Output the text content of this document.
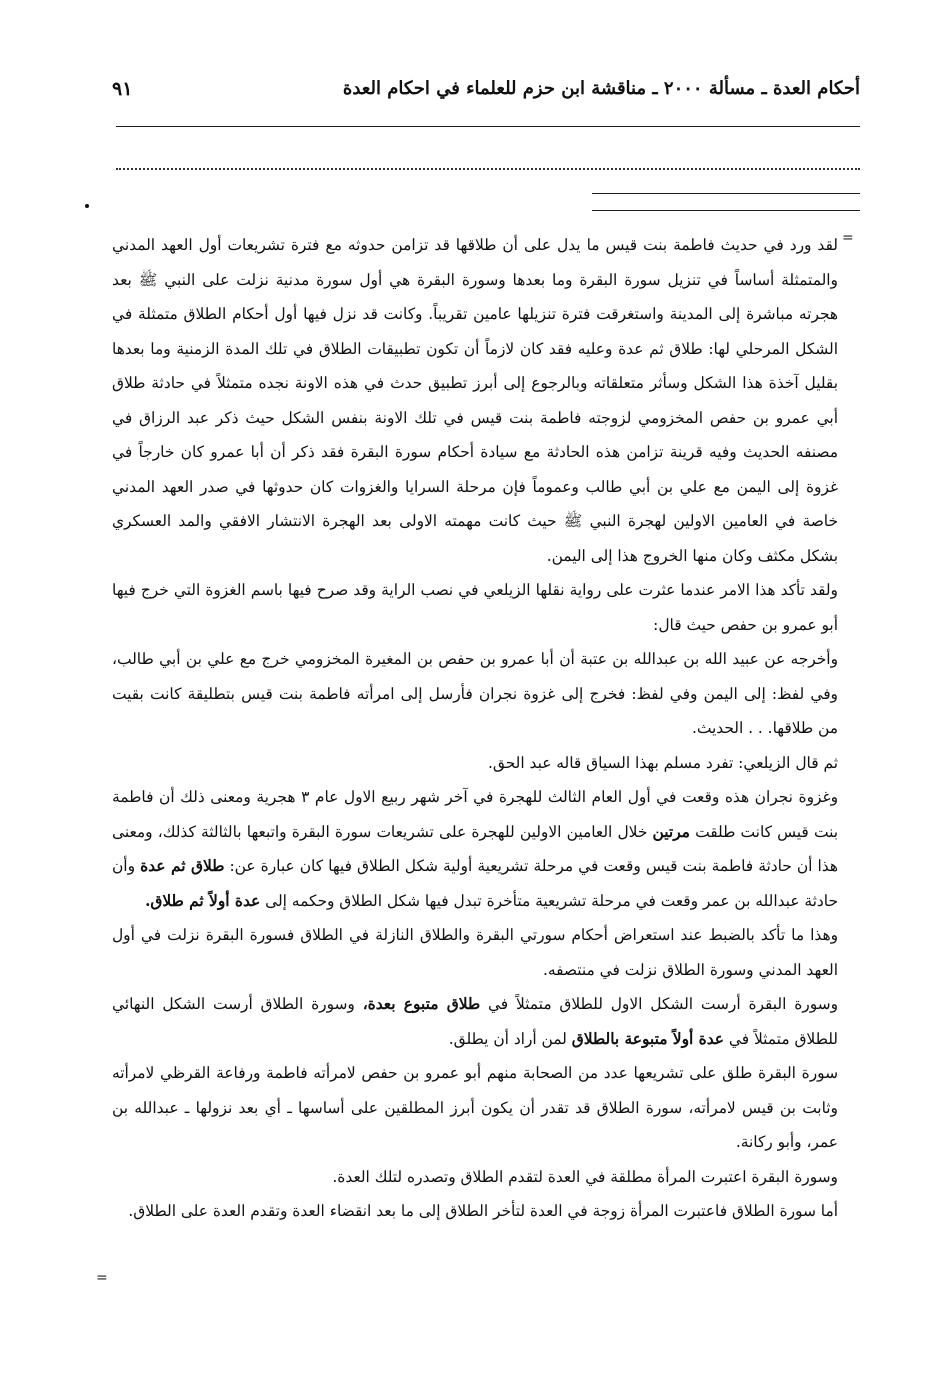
أحكام العدة ـ مسألة ٢٠٠٠ ـ مناقشة ابن حزم للعلماء في احكام العدة
٩١
=
=

لقد ورد في حديث فاطمة بنت قيس ما يدل على أن طلاقها قد تزامن حدوثه مع فترة تشريعات أول العهد المدني والمتمثلة أساساً في تنزيل سورة البقرة وما بعدها وسورة البقرة هي أول سورة مدنية نزلت على النبي ﷺ بعد هجرته مباشرة إلى المدينة واستغرقت فترة تنزيلها عامين تقريباً. وكانت قد نزل فيها أول أحكام الطلاق متمثلة في الشكل المرحلي لها: طلاق ثم عدة وعليه فقد كان لازماً أن تكون تطبيقات الطلاق في تلك المدة الزمنية وما بعدها بقليل آخذة هذا الشكل وسأثر متعلقاته وبالرجوع إلى أبرز تطبيق حدث في هذه الاونة نجده متمثلاً في حادثة طلاق أبي عمرو بن حفص المخزومي لزوجته فاطمة بنت قيس في تلك الاونة بنفس الشكل حيث ذكر عبد الرزاق في مصنفه الحديث وفيه قرينة تزامن هذه الحادثة مع سيادة أحكام سورة البقرة فقد ذكر أن أبا عمرو كان خارجاً في غزوة إلى اليمن مع علي بن أبي طالب وعموماً فإن مرحلة السرايا والغزوات كان حدوثها في صدر العهد المدني خاصة في العامين الاولين لهجرة النبي ﷺ حيث كانت مهمته الاولى بعد الهجرة الانتشار الافقي والمد العسكري بشكل مكثف وكان منها الخروج هذا إلى اليمن.

ولقد تأكد هذا الامر عندما عثرت على رواية نقلها الزيلعي في نصب الراية وقد صرح فيها باسم الغزوة التي خرج فيها أبو عمرو بن حفص حيث قال:

وأخرجه عن عبيد الله بن عبدالله بن عتبة أن أبا عمرو بن حفص بن المغيرة المخزومي خرج مع علي بن أبي طالب، وفي لفظ: إلى اليمن وفي لفظ: فخرج إلى غزوة نجران فأرسل إلى امرأته فاطمة بنت قيس بتطليقة كانت بقيت من طلاقها. . . الحديث.

ثم قال الزيلعي: تفرد مسلم بهذا السياق قاله عبد الحق.

وغزوة نجران هذه وقعت في أول العام الثالث للهجرة في آخر شهر ربيع الاول عام ٣ هجرية ومعنى ذلك أن فاطمة بنت قيس كانت طلقت مرتين خلال العامين الاولين للهجرة على تشريعات سورة البقرة واتبعها بالثالثة كذلك، ومعنى هذا أن حادثة فاطمة بنت قيس وقعت في مرحلة تشريعية أولية شكل الطلاق فيها كان عبارة عن: طلاق ثم عدة وأن حادثة عبدالله بن عمر وقعت في مرحلة تشريعية متأخرة تبدل فيها شكل الطلاق وحكمه إلى عدة أولاً ثم طلاق.

وهذا ما تأكد بالضبط عند استعراض أحكام سورتي البقرة والطلاق النازلة في الطلاق فسورة البقرة نزلت في أول العهد المدني وسورة الطلاق نزلت في منتصفه.

وسورة البقرة أرست الشكل الاول للطلاق متمثلاً في طلاق متبوع بعدة، وسورة الطلاق أرست الشكل النهائي للطلاق متمثلاً في عدة أولاً متبوعة بالطلاق لمن أراد أن يطلق.

سورة البقرة طلق على تشريعها عدد من الصحابة منهم أبو عمرو بن حفص لامرأته فاطمة ورفاعة القرظي لامرأته وثابت بن قيس لامرأته، سورة الطلاق قد تقدر أن يكون أبرز المطلقين على أساسها ـ أي بعد نزولها ـ عبدالله بن عمر، وأبو ركانة.

وسورة البقرة اعتبرت المرأة مطلقة في العدة لتقدم الطلاق وتصدره لتلك العدة.

أما سورة الطلاق فاعتبرت المرأة زوجة في العدة لتأخر الطلاق إلى ما بعد انقضاء العدة وتقدم العدة على الطلاق.
